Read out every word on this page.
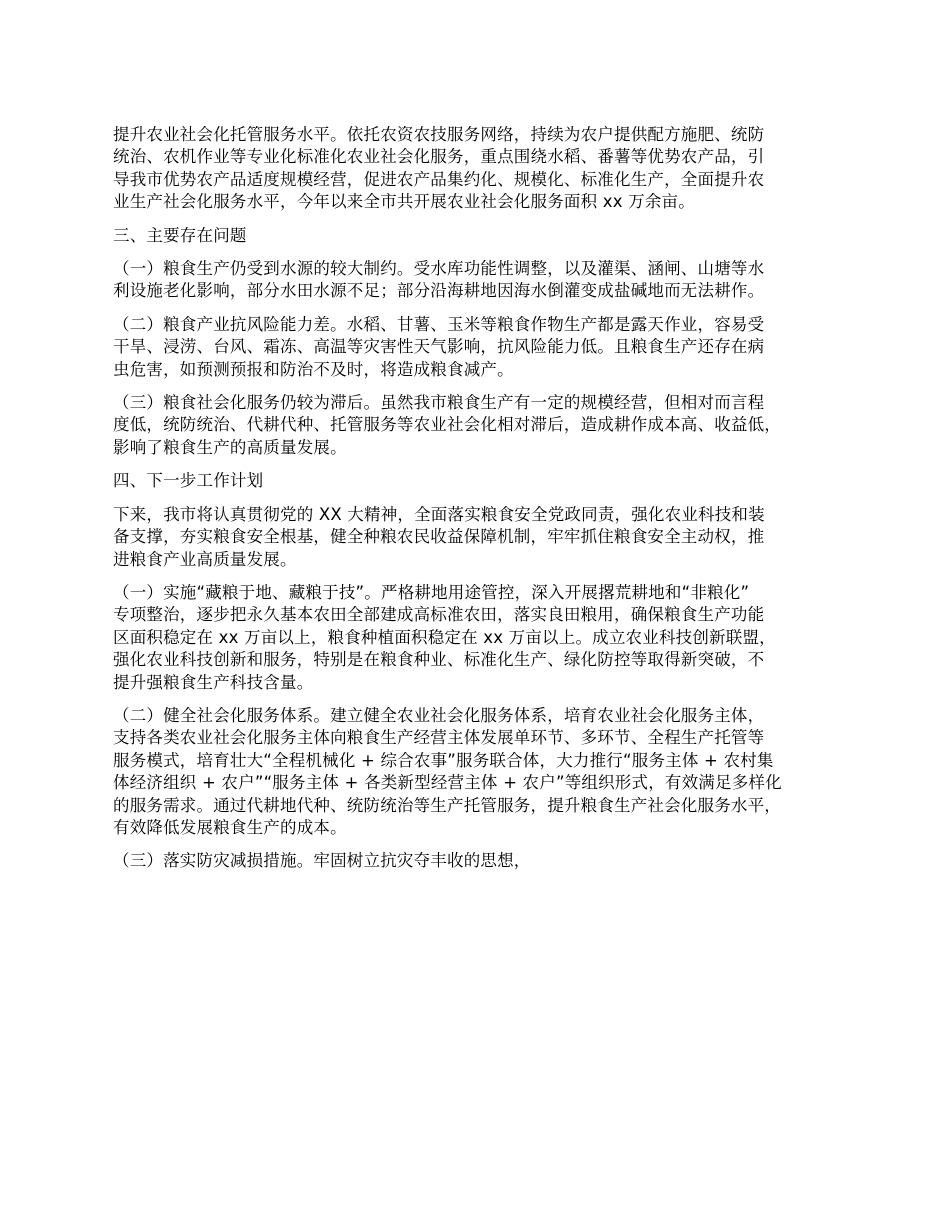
提升农业社会化托管服务水平。依托农资农技服务网络，持续为农户提供配方施肥、统防
统治、农机作业等专业化标准化农业社会化服务，重点围绕水稻、番薯等优势农产品，引
导我市优势农产品适度规模经营，促进农产品集约化、规模化、标准化生产，全面提升农
业生产社会化服务水平，今年以来全市共开展农业社会化服务面积 xx 万余亩。
三、主要存在问题
（一）粮食生产仍受到水源的较大制约。受水库功能性调整，以及灌渠、涵闸、山塘等水
利设施老化影响，部分水田水源不足；部分沿海耕地因海水倒灌变成盐碱地而无法耕作。
（二）粮食产业抗风险能力差。水稻、甘薯、玉米等粮食作物生产都是露天作业，容易受
干旱、浸涝、台风、霜冻、高温等灾害性天气影响，抗风险能力低。且粮食生产还存在病
虫危害，如预测预报和防治不及时，将造成粮食减产。
（三）粮食社会化服务仍较为滞后。虽然我市粮食生产有一定的规模经营，但相对而言程
度低，统防统治、代耕代种、托管服务等农业社会化相对滞后，造成耕作成本高、收益低，
影响了粮食生产的高质量发展。
四、下一步工作计划
下来，我市将认真贯彻党的 XX 大精神，全面落实粮食安全党政同责，强化农业科技和装
备支撑，夯实粮食安全根基，健全种粮农民收益保障机制，牢牢抓住粮食安全主动权，推
进粮食产业高质量发展。
（一）实施“藏粮于地、藏粮于技”。严格耕地用途管控，深入开展撂荒耕地和“非粮化”
专项整治，逐步把永久基本农田全部建成高标准农田，落实良田粮用，确保粮食生产功能
区面积稳定在 xx 万亩以上，粮食种植面积稳定在 xx 万亩以上。成立农业科技创新联盟，
强化农业科技创新和服务，特别是在粮食种业、标准化生产、绿化防控等取得新突破，不
提升强粮食生产科技含量。
（二）健全社会化服务体系。建立健全农业社会化服务体系，培育农业社会化服务主体，
支持各类农业社会化服务主体向粮食生产经营主体发展单环节、多环节、全程生产托管等
服务模式，培育壮大“全程机械化 + 综合农事”服务联合体，大力推行“服务主体 + 农村集
体经济组织 + 农户”“服务主体 + 各类新型经营主体 + 农户”等组织形式，有效满足多样化
的服务需求。通过代耕地代种、统防统治等生产托管服务，提升粮食生产社会化服务水平，
有效降低发展粮食生产的成本。
（三）落实防灾减损措施。牢固树立抗灾夺丰收的思想，
